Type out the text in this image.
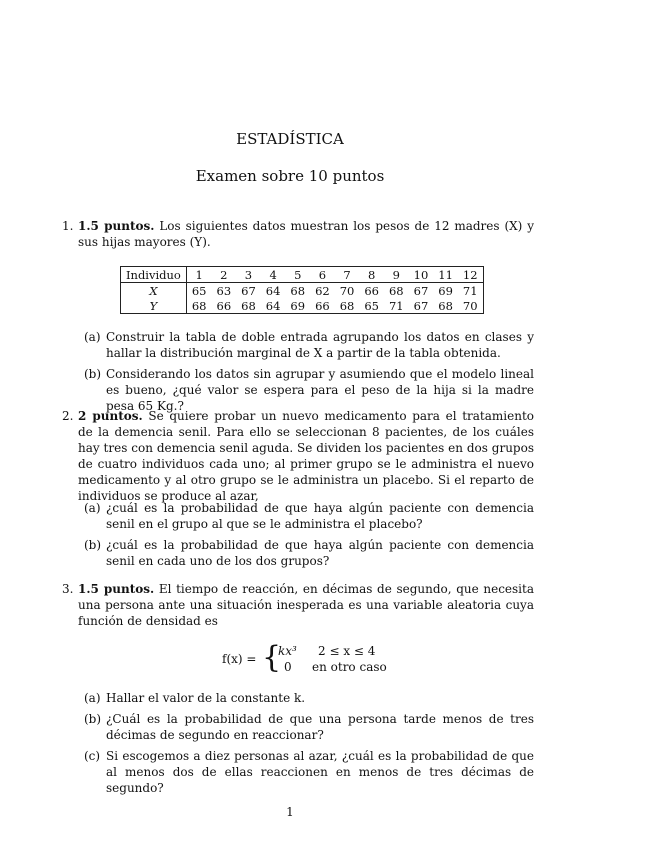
ESTADÍSTICA
Examen sobre 10 puntos
1. 1.5 puntos. Los siguientes datos muestran los pesos de 12 madres (X) y sus hijas mayores (Y).
Individuo	1	2	3	4	5	6	7	8	9	10	11	12
X	65	63	67	64	68	62	70	66	68	67	69	71
Y	68	66	68	64	69	66	68	65	71	67	68	70
(a) Construir la tabla de doble entrada agrupando los datos en clases y hallar la distribución marginal de X a partir de la tabla obtenida.
(b) Considerando los datos sin agrupar y asumiendo que el modelo lineal es bueno, ¿qué valor se espera para el peso de la hija si la madre pesa 65 Kg.?
2. 2 puntos. Se quiere probar un nuevo medicamento para el tratamiento de la demencia senil. Para ello se seleccionan 8 pacientes, de los cuáles hay tres con demencia senil aguda. Se dividen los pacientes en dos grupos de cuatro individuos cada uno; al primer grupo se le administra el nuevo medicamento y al otro grupo se le administra un placebo. Si el reparto de individuos se produce al azar,
(a) ¿cuál es la probabilidad de que haya algún paciente con demencia senil en el grupo al que se le administra el placebo?
(b) ¿cuál es la probabilidad de que haya algún paciente con demencia senil en cada uno de los dos grupos?
3. 1.5 puntos. El tiempo de reacción, en décimas de segundo, que necesita una persona ante una situación inesperada es una variable aleatoria cuya función de densidad es
f(x) = {
kx³ 2 ≤ x ≤ 4
0 en otro caso
(a) Hallar el valor de la constante k.
(b) ¿Cuál es la probabilidad de que una persona tarde menos de tres décimas de segundo en reaccionar?
(c) Si escogemos a diez personas al azar, ¿cuál es la probabilidad de que al menos dos de ellas reaccionen en menos de tres décimas de segundo?
1
